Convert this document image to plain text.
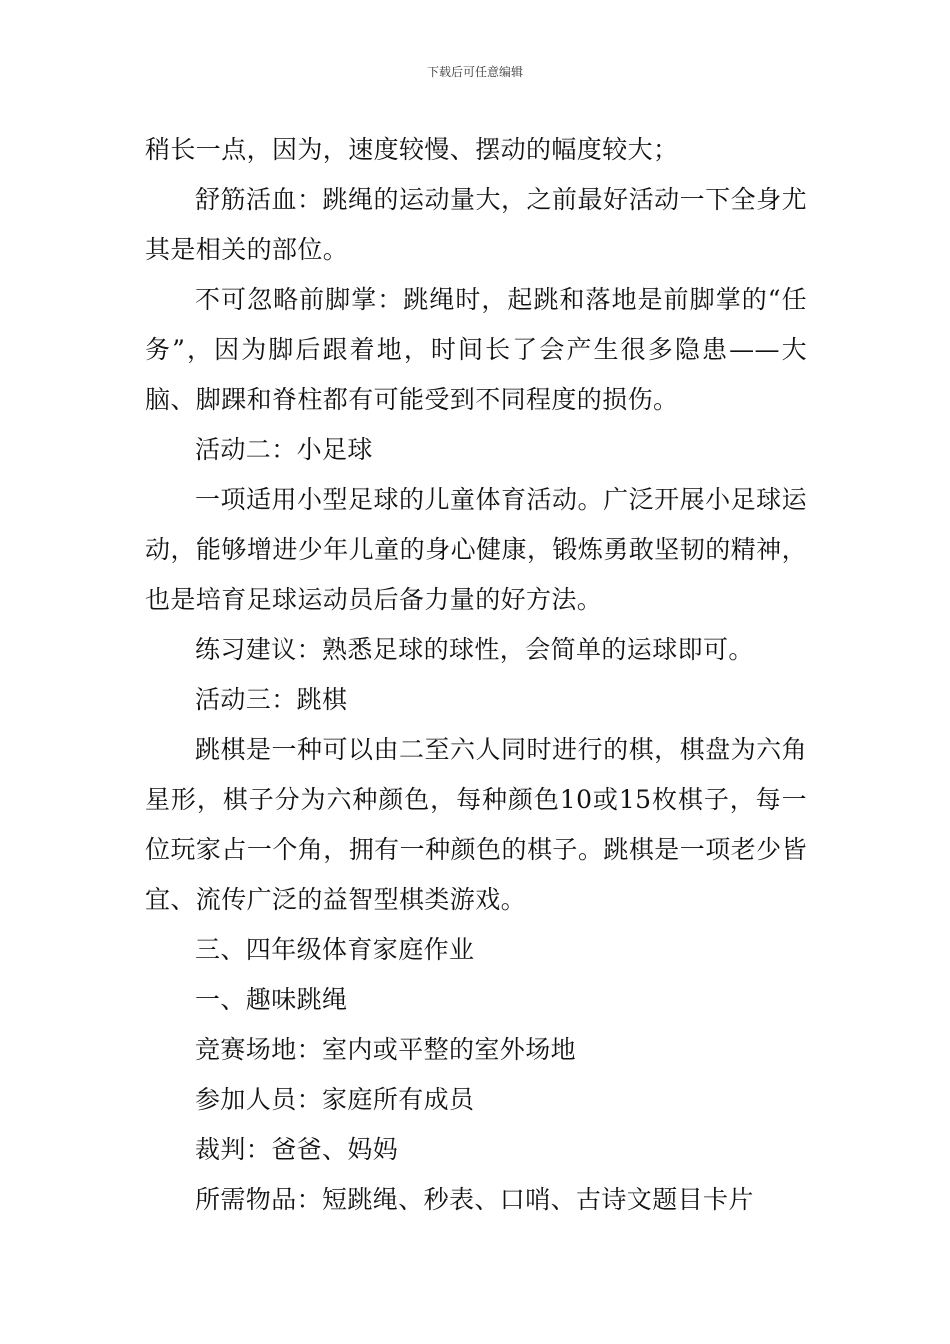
下载后可任意编辑

稍长一点，因为，速度较慢、摆动的幅度较大；

舒筋活血：跳绳的运动量大，之前最好活动一下全身尤其是相关的部位。

不可忽略前脚掌：跳绳时，起跳和落地是前脚掌的“任务”，因为脚后跟着地，时间长了会产生很多隐患——大脑、脚踝和脊柱都有可能受到不同程度的损伤。

活动二：小足球

一项适用小型足球的儿童体育活动。广泛开展小足球运动，能够增进少年儿童的身心健康，锻炼勇敢坚韧的精神，也是培育足球运动员后备力量的好方法。

练习建议：熟悉足球的球性，会简单的运球即可。

活动三：跳棋

跳棋是一种可以由二至六人同时进行的棋，棋盘为六角星形，棋子分为六种颜色，每种颜色10或15枚棋子，每一位玩家占一个角，拥有一种颜色的棋子。跳棋是一项老少皆宜、流传广泛的益智型棋类游戏。

三、四年级体育家庭作业

一、趣味跳绳

竞赛场地：室内或平整的室外场地

参加人员：家庭所有成员

裁判：爸爸、妈妈

所需物品：短跳绳、秒表、口哨、古诗文题目卡片
